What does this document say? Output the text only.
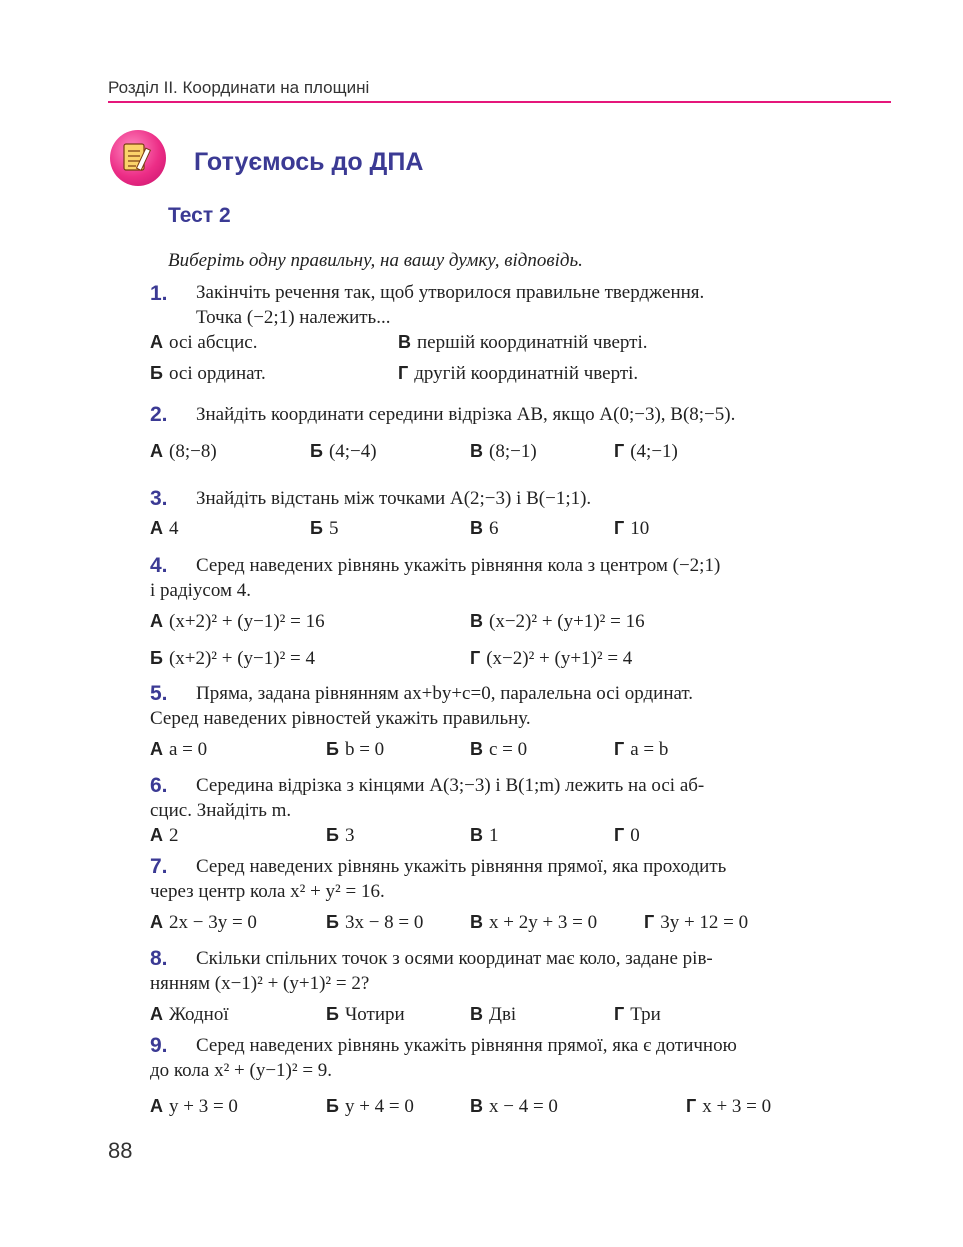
Розділ ІІ. Координати на площині
Готуємось до ДПА
Тест 2
Виберіть одну правильну, на вашу думку, відповідь.
1. Закінчіть речення так, щоб утворилося правильне твердження.
Точка (−2;1) належить...
А осі абсцис.	В першій координатній чверті.
Б осі ординат.	Г другій координатній чверті.
2. Знайдіть координати середини відрізка AB, якщо A(0;−3), B(8;−5).
А (8;−8)	Б (4;−4)	В (8;−1)	Г (4;−1)
3. Знайдіть відстань між точками A(2;−3) і B(−1;1).
А 4	Б 5	В 6	Г 10
4. Серед наведених рівнянь укажіть рівняння кола з центром (−2;1)
і радіусом 4.
А (x+2)² + (y−1)² = 16	В (x−2)² + (y+1)² = 16
Б (x+2)² + (y−1)² = 4	Г (x−2)² + (y+1)² = 4
5. Пряма, задана рівнянням ax+by+c=0, паралельна осі ординат.
Серед наведених рівностей укажіть правильну.
А a = 0	Б b = 0	В c = 0	Г a = b
6. Середина відрізка з кінцями A(3;−3) і B(1;m) лежить на осі аб-
сцис. Знайдіть m.
А 2	Б 3	В 1	Г 0
7. Серед наведених рівнянь укажіть рівняння прямої, яка проходить
через центр кола x² + y² = 16.
А 2x − 3y = 0	Б 3x − 8 = 0	В x + 2y + 3 = 0	Г 3y + 12 = 0
8. Скільки спільних точок з осями координат має коло, задане рів-
нянням (x−1)² + (y+1)² = 2?
А Жодної	Б Чотири	В Дві	Г Три
9. Серед наведених рівнянь укажіть рівняння прямої, яка є дотичною
до кола x² + (y−1)² = 9.
А y + 3 = 0	Б y + 4 = 0	В x − 4 = 0	Г x + 3 = 0
88
